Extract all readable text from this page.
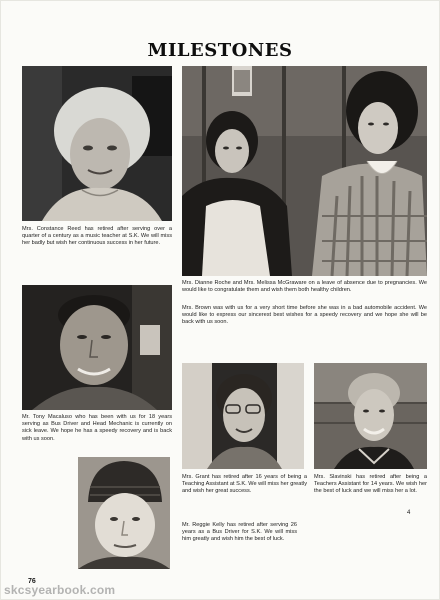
MILESTONES

Mrs. Constance Reed has retired after serving over a quarter of a century as a music teacher at S.K. We will miss her badly but wish her continuous success in her future.

Mrs. Dianne Roche and Mrs. Melissa McGraware on a leave of absence due to pregnancies. We would like to congratulate them and wish them both healthy children.

Mrs. Brown was with us for a very short time before she was in a bad automobile accident. We would like to express our sincerest best wishes for a speedy recovery and we hope she will be back with us soon.

Mr. Tony Macaluso who has been with us for 18 years serving as Bus Driver and Head Mechanic is currently on sick leave. We hope he has a speedy recovery and is back with us soon.

Mrs. Grant has retired after 16 years of being a Teaching Assistant at S.K. We will miss her greatly and wish her great success.

Mrs. Slavinski has retired after being a Teachers Assistant for 14 years. We wish her the best of luck and we will miss her a lot.

Mr. Reggie Kelly has retired after serving 26 years as a Bus Driver for S.K. We will miss him greatly and wish him the best of luck.

4
76
skcsyearbook.com
